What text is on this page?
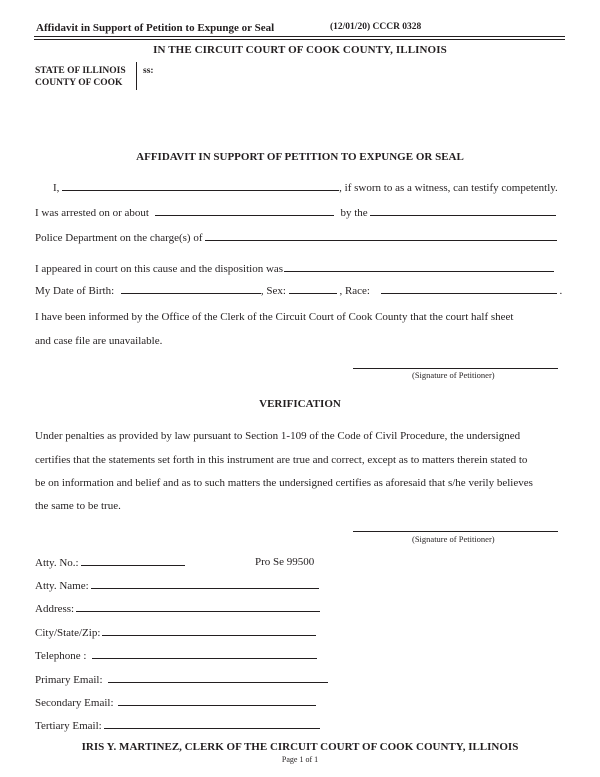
Affidavit in Support of Petition to Expunge or Seal	(12/01/20) CCCR 0328
IN THE CIRCUIT COURT OF COOK COUNTY, ILLINOIS
STATE OF ILLINOIS
COUNTY OF COOK
ss:
AFFIDAVIT IN SUPPORT OF PETITION TO EXPUNGE OR SEAL
I,	, if sworn to as a witness, can testify competently.
I was arrested on or about	by the
Police Department on the charge(s) of
I appeared in court on this cause and the disposition was
My Date of Birth:	, Sex:	, Race:	.
I have been informed by the Office of the Clerk of the Circuit Court of Cook County that the court half sheet
and case file are unavailable.
(Signature of Petitioner)
VERIFICATION
Under penalties as provided by law pursuant to Section 1-109 of the Code of Civil Procedure, the undersigned
certifies that the statements set forth in this instrument are true and correct, except as to matters therein stated to
be on information and belief and as to such matters the undersigned certifies as aforesaid that s/he verily believes
the same to be true.
(Signature of Petitioner)
Atty. No.:	Pro Se 99500
Atty. Name:
Address:
City/State/Zip:
Telephone :
Primary Email:
Secondary Email:
Tertiary Email:
IRIS Y. MARTINEZ, CLERK OF THE CIRCUIT COURT OF COOK COUNTY, ILLINOIS
Page 1 of 1
